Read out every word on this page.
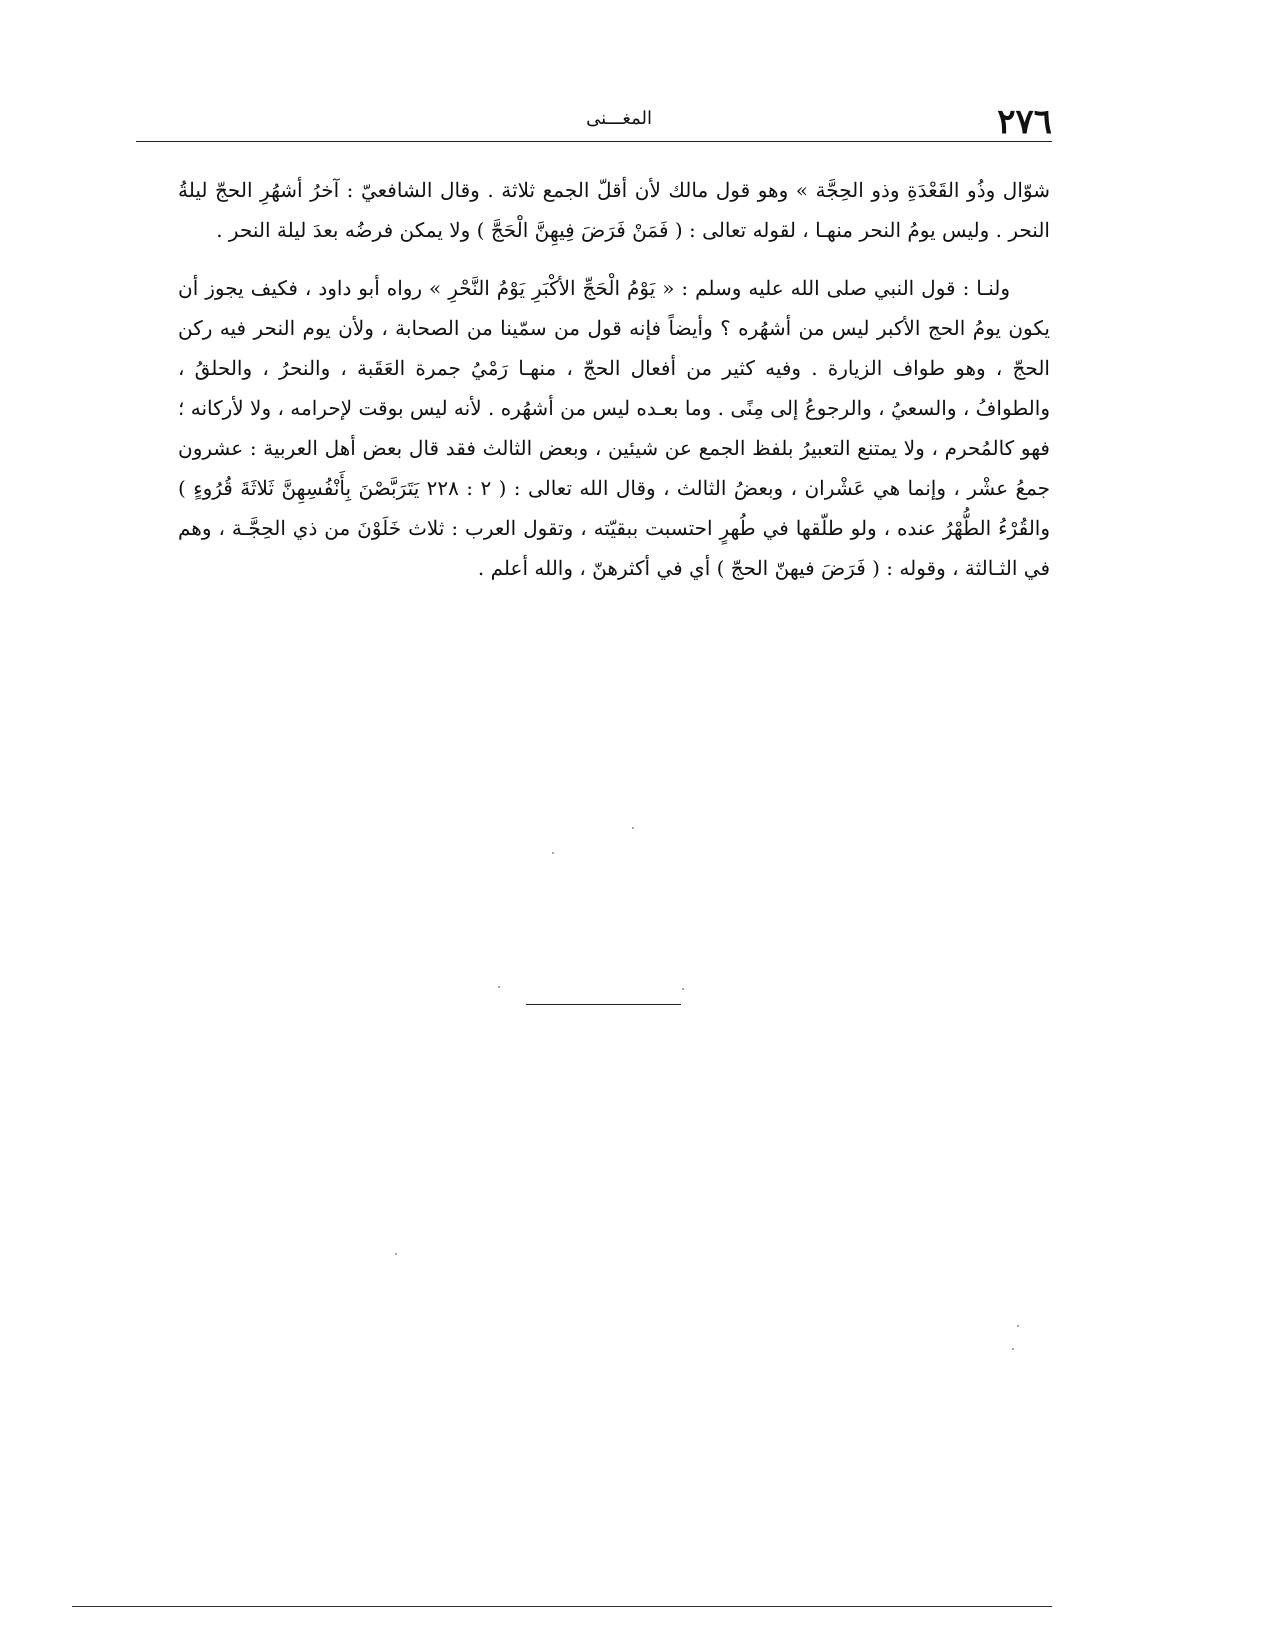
٢٧٦
المغـــنى

شوّال وذُو القَعْدَةِ وذو الحِجَّة » وهو قول مالك لأن أقلّ الجمع ثلاثة . وقال الشافعيّ : آخرُ أشهُرِ الحجّ ليلةُ النحر . وليس يومُ النحر منهـا ، لقوله تعالى : ( فَمَنْ فَرَضَ فِيهِنَّ الْحَجَّ ) ولا يمكن فرضُه بعدَ ليلة النحر .

ولنـا : قول النبي صلى الله عليه وسلم : « يَوْمُ الْحَجِّ الأكْبَرِ يَوْمُ النَّحْرِ » رواه أبو داود ، فكيف يجوز أن يكون يومُ الحج الأكبر ليس من أشهُره ؟ وأيضاً فإنه قول من سمّينا من الصحابة ، ولأن يوم النحر فيه ركن الحجّ ، وهو طواف الزيارة . وفيه كثير من أفعال الحجّ ، منهـا رَمْيُ جمرة العَقَبة ، والنحرُ ، والحلقُ ، والطوافُ ، والسعيُ ، والرجوعُ إلى مِنًى . وما بعـده ليس من أشهُره . لأنه ليس بوقت لإحرامه ، ولا لأركانه ؛ فهو كالمُحرم ، ولا يمتنع التعبيرُ بلفظ الجمع عن شيئين ، وبعض الثالث فقد قال بعض أهل العربية : عشرون جمعُ عشْر ، وإنما هي عَشْران ، وبعضُ الثالث ، وقال الله تعالى : ( ٢ : ٢٢٨ يَتَرَبَّصْنَ بِأَنْفُسِهِنَّ ثَلاثَةَ قُرُوءٍ ) والقُرْءُ الطُّهْرُ عنده ، ولو طلّقها في طُهرٍ احتسبت ببقيّته ، وتقول العرب : ثلاث خَلَوْنَ من ذي الحِجَّـة ، وهم في الثـالثة ، وقوله : ( فَرَضَ فيهنّ الحجّ ) أي في أكثرهنّ ، والله أعلم .
